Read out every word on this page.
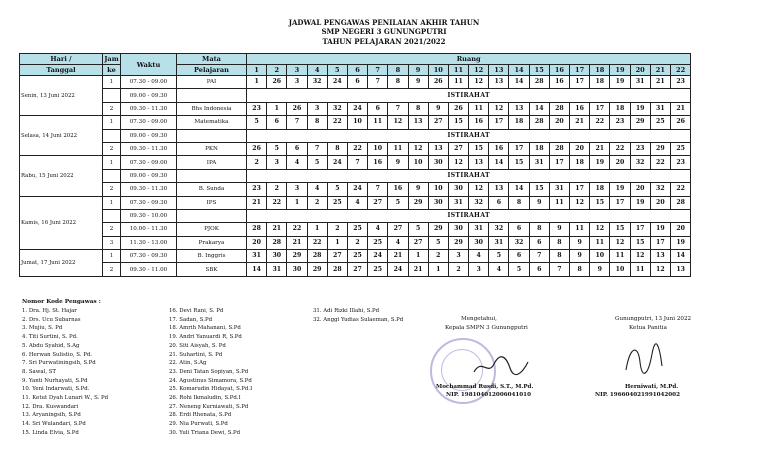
JADWAL PENGAWAS PENILAIAN AKHIR TAHUN
SMP NEGERI 3 GUNUNGPUTRI
TAHUN PELAJARAN 2021/2022
Hari /	Jam	Waktu	Mata	Ruang																					
Tanggal	ke		Pelajaran	1	2	3	4	5	6	7	8	9	10	11	12	13	14	15	16	17	18	19	20	21	22
Senin, 13 Juni 2022	1	07.30 - 09.00	PAI	1	26	3	32	24	6	7	8	9	26	11	12	13	14	28	16	17	18	19	31	21	23
		09.00 - 09.30		ISTIRAHAT																					
	2	09.30 - 11.30	Bhs Indonesia	23	1	26	3	32	24	6	7	8	9	26	11	12	13	14	28	16	17	18	19	31	21
Selasa, 14 Juni 2022	1	07.30 - 09.00	Matematika	5	6	7	8	22	10	11	12	13	27	15	16	17	18	28	20	21	22	23	29	25	26
		09.00 - 09.30		ISTIRAHAT																					
	2	09.30 - 11.30	PKN	26	5	6	7	8	22	10	11	12	13	27	15	16	17	18	28	20	21	22	23	29	25
Rabu, 15 Juni 2022	1	07.30 - 09.00	IPA	2	3	4	5	24	7	16	9	10	30	12	13	14	15	31	17	18	19	20	32	22	23
		09.00 - 09.30		ISTIRAHAT																					
	2	09.30 - 11.30	B. Sunda	23	2	3	4	5	24	7	16	9	10	30	12	13	14	15	31	17	18	19	20	32	22
Kamis, 16 Juni 2022	1	07.30 - 09.30	IPS	21	22	1	2	25	4	27	5	29	30	31	32	6	8	9	11	12	15	17	19	20	28
		09.30 - 10.00		ISTIRAHAT																					
	2	10.00 - 11.30	PJOK	28	21	22	1	2	25	4	27	5	29	30	31	32	6	8	9	11	12	15	17	19	20
	3	11.30 - 13.00	Prakarya	20	28	21	22	1	2	25	4	27	5	29	30	31	32	6	8	9	11	12	15	17	19
Jumat, 17 Juni 2022	1	07.30 - 09.30	B. Inggris	31	30	29	28	27	25	24	21	1	2	3	4	5	6	7	8	9	10	11	12	13	14
	2	09.30 - 11.00	SBK	14	31	30	29	28	27	25	24	21	1	2	3	4	5	6	7	8	9	10	11	12	13
Nomor Kode Pengawas :
1. Dra. Hj. St. Hajar
2. Drs. Ucu Subarnas
3. Mujiu, S. Pd
4. Titi Surtini, S. Pd.
5. Abdu Syahid, S.Ag
6. Herwan Sulistio, S. Pd.
7. Sri Purwatiningsih, S.Pd
8. Sawal, ST
9. Yanti Nurhayati, S.Pd
10. Yeni Indarwati, S.Pd.
11. Ketut Dyah Lunari W., S. Pd
12. Dra. Kuswandari
13. Aryaningsih, S.Pd
14. Sri Wulandari, S.Pd
15. Linda Elvia, S.Pd
16. Devi Rani, S. Pd
17. Sadan, S.Pd
18. Amrih Mahanani, S.Pd
19. Andri Yanuardi R, S.Pd
20. Siti Aisyah, S. Pd
21. Suhartini, S. Pd
22. Atin, S.Ag
23. Deni Tatan Sopiyan, S.Pd
24. Agustinus Simamora, S.Pd
25. Komarudin Hidayat, S.Pd.I
26. Rohi Ikmaludin, S.Pd.I
27. Neneng Kurniawati, S.Pd
28. Erdi Rhenata, S.Pd
29. Nia Purwati, S.Pd
30. Yuli Triana Dewi, S.Pd
31. Adi Rizki Illahi, S.Pd
32. Anggi Yudias Sulaeman, S.Pd	Mengetahui,
Kepala SMPN 3 Gunungputri
Mochammad Rusdi, S.T., M.Pd.
NIP. 198104012006041010
Gunungputri, 13 Juni 2022
Ketua Panitia
Herniwati, M.Pd.
NIP. 196604021991042002
